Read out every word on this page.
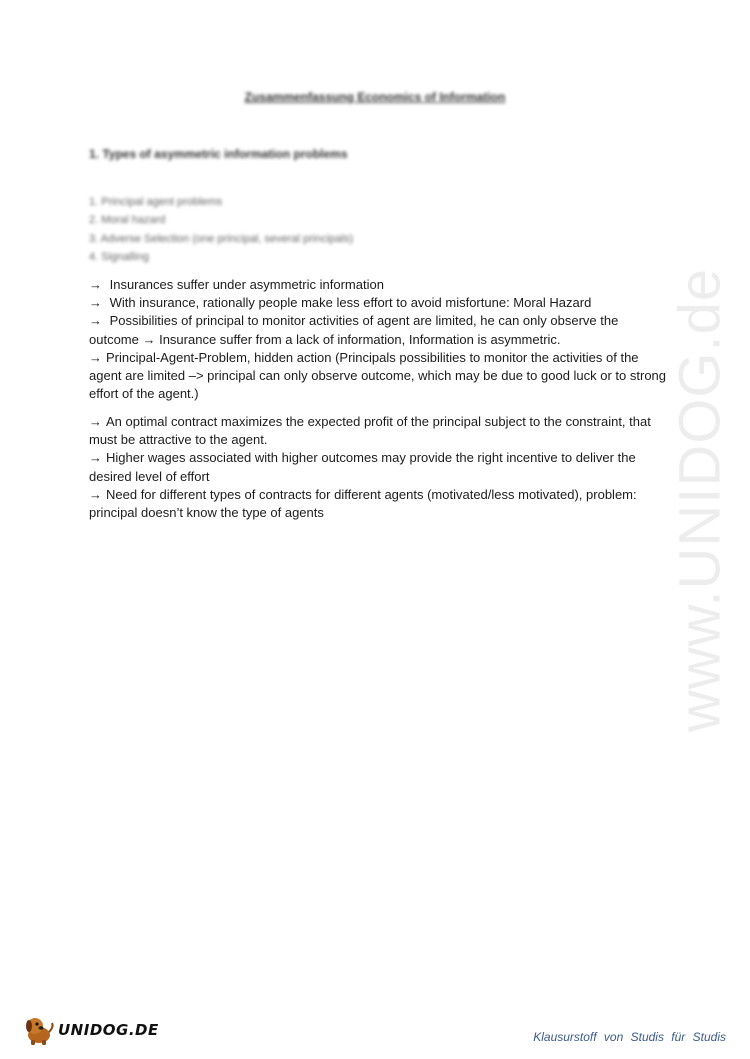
Zusammenfassung Economics of Information
1. Types of asymmetric information problems
1. Principal agent problems
2. Moral hazard
3. Adverse Selection (one principal, several principals)
4. Signalling

→ Insurances suffer under asymmetric information

→ With insurance, rationally people make less effort to avoid misfortune: Moral Hazard

→ Possibilities of principal to monitor activities of agent are limited, he can only observe the outcome → Insurance suffer from a lack of information, Information is asymmetric.

→ Principal-Agent-Problem, hidden action (Principals possibilities to monitor the activities of the agent are limited –> principal can only observe outcome, which may be due to good luck or to strong effort of the agent.)

→ An optimal contract maximizes the expected profit of the principal subject to the constraint, that must be attractive to the agent.

→ Higher wages associated with higher outcomes may provide the right incentive to deliver the desired level of effort

→ Need for different types of contracts for different agents (motivated/less motivated), problem: principal doesn’t know the type of agents	www.UNIDOG.de
UNIDOG.DE	Klausurstoff von Studis für Studis
